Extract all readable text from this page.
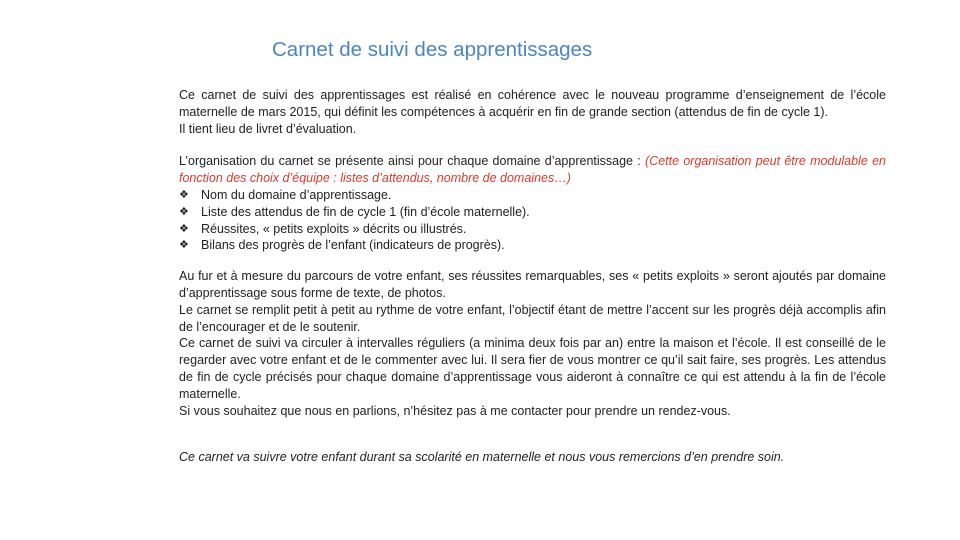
Carnet de suivi des apprentissages

Ce carnet de suivi des apprentissages est réalisé en cohérence avec le nouveau programme d’enseignement de l’école maternelle de mars 2015, qui définit les compétences à acquérir en fin de grande section (attendus de fin de cycle 1).

Il tient lieu de livret d’évaluation.

L’organisation du carnet se présente ainsi pour chaque domaine d’apprentissage : (Cette organisation peut être modulable en fonction des choix d’équipe : listes d’attendus, nombre de domaines…)

❖ Nom du domaine d’apprentissage.
❖ Liste des attendus de fin de cycle 1 (fin d’école maternelle).
❖ Réussites, « petits exploits » décrits ou illustrés.
❖ Bilans des progrès de l’enfant (indicateurs de progrès).

Au fur et à mesure du parcours de votre enfant, ses réussites remarquables, ses « petits exploits » seront ajoutés par domaine d’apprentissage sous forme de texte, de photos.

Le carnet se remplit petit à petit au rythme de votre enfant, l’objectif étant de mettre l’accent sur les progrès déjà accomplis afin de l’encourager et de le soutenir.

Ce carnet de suivi va circuler à intervalles réguliers (a minima deux fois par an) entre la maison et l’école. Il est conseillé de le regarder avec votre enfant et de le commenter avec lui. Il sera fier de vous montrer ce qu’il sait faire, ses progrès. Les attendus de fin de cycle précisés pour chaque domaine d’apprentissage vous aideront à connaître ce qui est attendu à la fin de l’école maternelle.

Si vous souhaitez que nous en parlions, n’hésitez pas à me contacter pour prendre un rendez-vous.

Ce carnet va suivre votre enfant durant sa scolarité en maternelle et nous vous remercions d’en prendre soin.
